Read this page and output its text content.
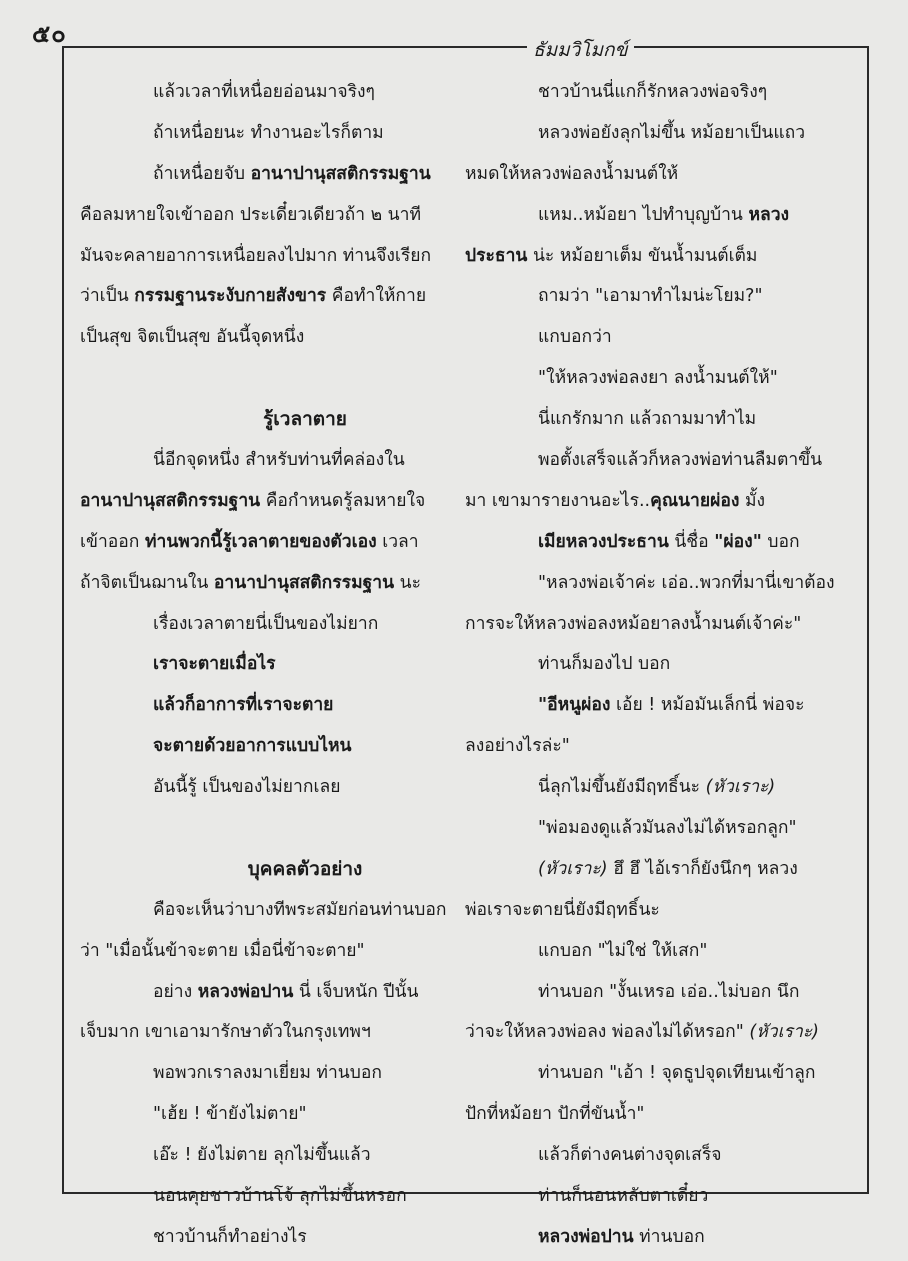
๕๐
ธัมมวิโมกข์
แล้วเวลาที่เหนื่อยอ่อนมาจริงๆ
ถ้าเหนื่อยนะ ทำงานอะไรก็ตาม
ถ้าเหนื่อยจับ อานาปานุสสติกรรมฐาน
คือลมหายใจเข้าออก ประเดี๋ยวเดียวถ้า ๒ นาที
มันจะคลายอาการเหนื่อยลงไปมาก ท่านจึงเรียก
ว่าเป็น กรรมฐานระงับกายสังขาร คือทำให้กาย
เป็นสุข จิตเป็นสุข อันนี้จุดหนึ่ง
รู้เวลาตาย
นี่อีกจุดหนึ่ง สำหรับท่านที่คล่องใน
อานาปานุสสติกรรมฐาน คือกำหนดรู้ลมหายใจ
เข้าออก ท่านพวกนี้รู้เวลาตายของตัวเอง เวลา
ถ้าจิตเป็นฌานใน อานาปานุสสติกรรมฐาน นะ
เรื่องเวลาตายนี่เป็นของไม่ยาก
เราจะตายเมื่อไร
แล้วก็อาการที่เราจะตาย
จะตายด้วยอาการแบบไหน
อันนี้รู้ เป็นของไม่ยากเลย
บุคคลตัวอย่าง
คือจะเห็นว่าบางทีพระสมัยก่อนท่านบอก
ว่า "เมื่อนั้นข้าจะตาย เมื่อนี่ข้าจะตาย"
อย่าง หลวงพ่อปาน นี่ เจ็บหนัก ปีนั้น
เจ็บมาก เขาเอามารักษาตัวในกรุงเทพฯ
พอพวกเราลงมาเยี่ยม ท่านบอก
"เฮ้ย ! ข้ายังไม่ตาย"
เอ๊ะ ! ยังไม่ตาย ลุกไม่ขึ้นแล้ว
นอนคุยชาวบ้านโจ้ ลุกไม่ขึ้นหรอก
ชาวบ้านก็ทำอย่างไร
ชาวบ้านนี่แกก็รักหลวงพ่อจริงๆ
หลวงพ่อยังลุกไม่ขึ้น หม้อยาเป็นแถว
หมดให้หลวงพ่อลงน้ำมนต์ให้
แหม..หม้อยา ไปทำบุญบ้าน หลวง
ประธาน น่ะ หม้อยาเต็ม ขันน้ำมนต์เต็ม
ถามว่า "เอามาทำไมน่ะโยม?"
แกบอกว่า
"ให้หลวงพ่อลงยา ลงน้ำมนต์ให้"
นี่แกรักมาก แล้วถามมาทำไม
พอตั้งเสร็จแล้วก็หลวงพ่อท่านลืมตาขึ้น
มา เขามารายงานอะไร..คุณนายผ่อง มั้ง
เมียหลวงประธาน นี่ชื่อ "ผ่อง" บอก
"หลวงพ่อเจ้าค่ะ เอ่อ..พวกที่มานี่เขาต้อง
การจะให้หลวงพ่อลงหม้อยาลงน้ำมนต์เจ้าค่ะ"
ท่านก็มองไป บอก
"อีหนูผ่อง เอ้ย ! หม้อมันเล็กนี่ พ่อจะ
ลงอย่างไรล่ะ"
นี่ลุกไม่ขึ้นยังมีฤทธิ์นะ (หัวเราะ)
"พ่อมองดูแล้วมันลงไม่ได้หรอกลูก"
(หัวเราะ) ฮึ ฮึ ไอ้เราก็ยังนึกๆ หลวง
พ่อเราจะตายนี่ยังมีฤทธิ์นะ
แกบอก "ไม่ใช่ ให้เสก"
ท่านบอก "งั้นเหรอ เอ่อ..ไม่บอก นึก
ว่าจะให้หลวงพ่อลง พ่อลงไม่ได้หรอก" (หัวเราะ)
ท่านบอก "เอ้า ! จุดธูปจุดเทียนเข้าลูก
ปักที่หม้อยา ปักที่ขันน้ำ"
แล้วก็ต่างคนต่างจุดเสร็จ
ท่านก็นอนหลับตาเดี๋ยว
หลวงพ่อปาน ท่านบอก
